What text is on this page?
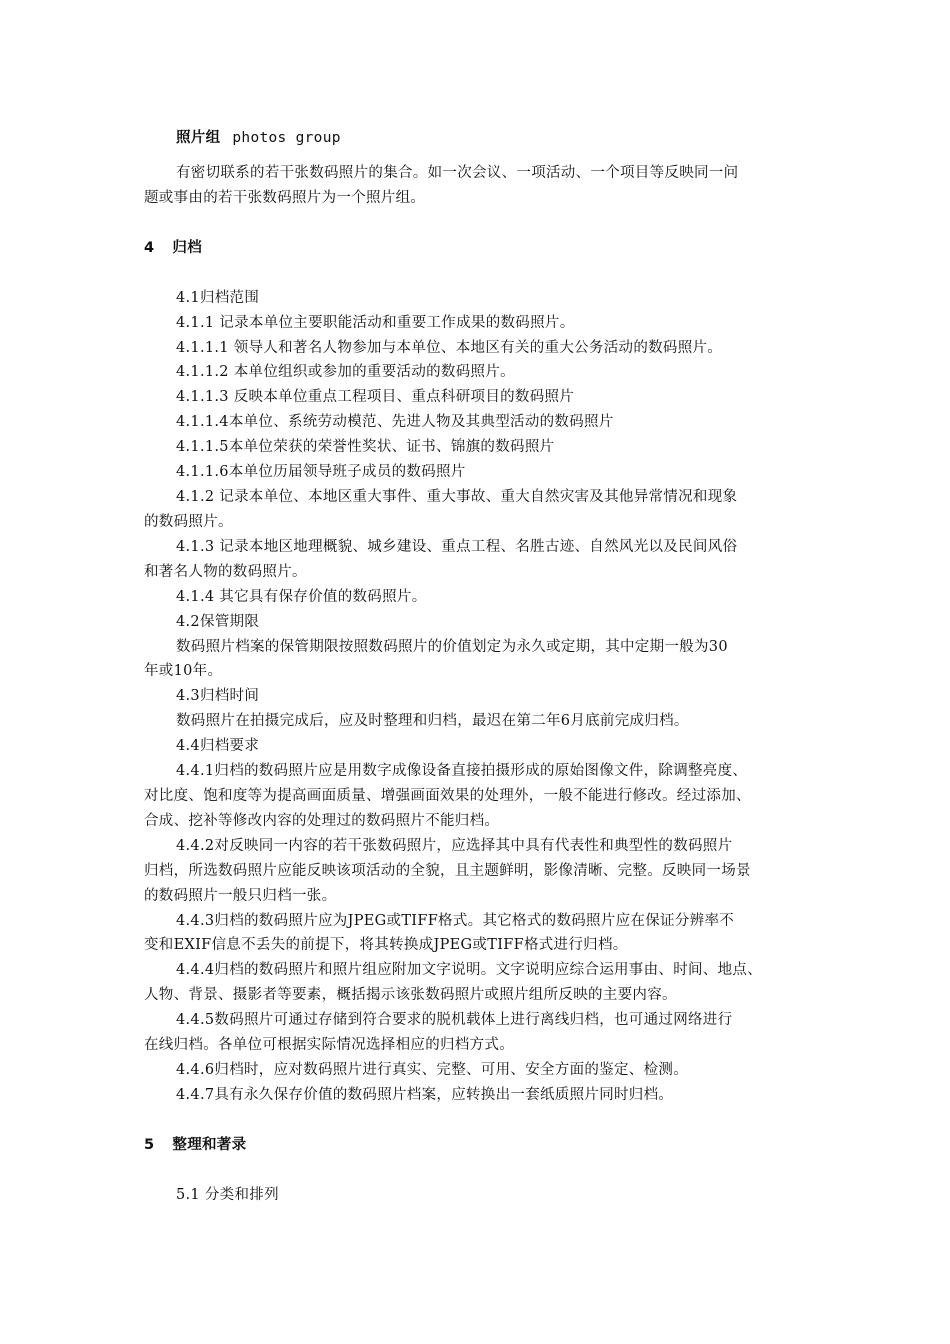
照片组 photos group
有密切联系的若干张数码照片的集合。如一次会议、一项活动、一个项目等反映同一问
题或事由的若干张数码照片为一个照片组。
4 归档
4.1归档范围
4.1.1 记录本单位主要职能活动和重要工作成果的数码照片。
4.1.1.1 领导人和著名人物参加与本单位、本地区有关的重大公务活动的数码照片。
4.1.1.2 本单位组织或参加的重要活动的数码照片。
4.1.1.3 反映本单位重点工程项目、重点科研项目的数码照片
4.1.1.4本单位、系统劳动模范、先进人物及其典型活动的数码照片
4.1.1.5本单位荣获的荣誉性奖状、证书、锦旗的数码照片
4.1.1.6本单位历届领导班子成员的数码照片
4.1.2 记录本单位、本地区重大事件、重大事故、重大自然灾害及其他异常情况和现象
的数码照片。
4.1.3 记录本地区地理概貌、城乡建设、重点工程、名胜古迹、自然风光以及民间风俗
和著名人物的数码照片。
4.1.4 其它具有保存价值的数码照片。
4.2保管期限
数码照片档案的保管期限按照数码照片的价值划定为永久或定期，其中定期一般为30
年或10年。
4.3归档时间
数码照片在拍摄完成后，应及时整理和归档，最迟在第二年6月底前完成归档。
4.4归档要求
4.4.1归档的数码照片应是用数字成像设备直接拍摄形成的原始图像文件，除调整亮度、
对比度、饱和度等为提高画面质量、增强画面效果的处理外，一般不能进行修改。经过添加、
合成、挖补等修改内容的处理过的数码照片不能归档。
4.4.2对反映同一内容的若干张数码照片，应选择其中具有代表性和典型性的数码照片
归档，所选数码照片应能反映该项活动的全貌，且主题鲜明，影像清晰、完整。反映同一场景
的数码照片一般只归档一张。
4.4.3归档的数码照片应为JPEG或TIFF格式。其它格式的数码照片应在保证分辨率不
变和EXIF信息不丢失的前提下，将其转换成JPEG或TIFF格式进行归档。
4.4.4归档的数码照片和照片组应附加文字说明。文字说明应综合运用事由、时间、地点、
人物、背景、摄影者等要素，概括揭示该张数码照片或照片组所反映的主要内容。
4.4.5数码照片可通过存储到符合要求的脱机载体上进行离线归档，也可通过网络进行
在线归档。各单位可根据实际情况选择相应的归档方式。
4.4.6归档时，应对数码照片进行真实、完整、可用、安全方面的鉴定、检测。
4.4.7具有永久保存价值的数码照片档案，应转换出一套纸质照片同时归档。
5 整理和著录
5.1 分类和排列
